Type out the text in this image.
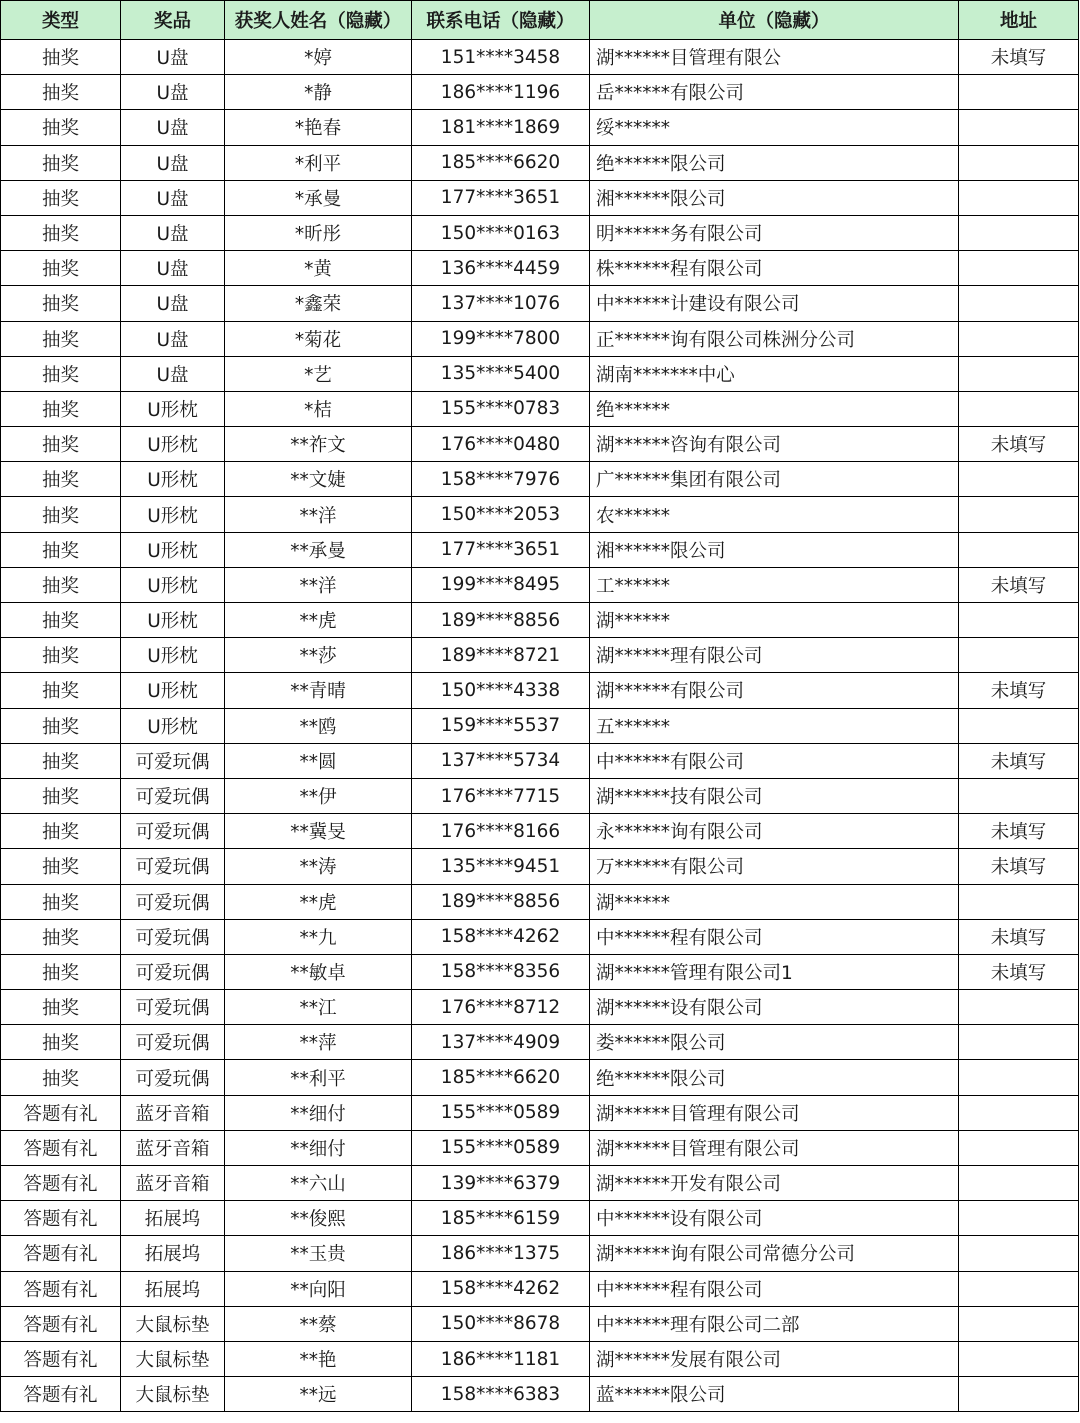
类型	奖品	获奖人姓名（隐藏）	联系电话（隐藏）	单位（隐藏）	地址
抽奖	U盘	*婷	151****3458	湖******目管理有限公	未填写
抽奖	U盘	*静	186****1196	岳******有限公司	
抽奖	U盘	*艳春	181****1869	绥******	
抽奖	U盘	*利平	185****6620	绝******限公司	
抽奖	U盘	*承曼	177****3651	湘******限公司	
抽奖	U盘	*昕彤	150****0163	明******务有限公司	
抽奖	U盘	*黄	136****4459	株******程有限公司	
抽奖	U盘	*鑫荣	137****1076	中******计建设有限公司	
抽奖	U盘	*菊花	199****7800	正******询有限公司株洲分公司	
抽奖	U盘	*艺	135****5400	湖南*******中心	
抽奖	U形枕	*桔	155****0783	绝******	
抽奖	U形枕	**祚文	176****0480	湖******咨询有限公司	未填写
抽奖	U形枕	**文婕	158****7976	广******集团有限公司	
抽奖	U形枕	**洋	150****2053	农******	
抽奖	U形枕	**承曼	177****3651	湘******限公司	
抽奖	U形枕	**洋	199****8495	工******	未填写
抽奖	U形枕	**虎	189****8856	湖******	
抽奖	U形枕	**莎	189****8721	湖******理有限公司	
抽奖	U形枕	**青晴	150****4338	湖******有限公司	未填写
抽奖	U形枕	**鸥	159****5537	五******	
抽奖	可爱玩偶	**圆	137****5734	中******有限公司	未填写
抽奖	可爱玩偶	**伊	176****7715	湖******技有限公司	
抽奖	可爱玩偶	**冀旻	176****8166	永******询有限公司	未填写
抽奖	可爱玩偶	**涛	135****9451	万******有限公司	未填写
抽奖	可爱玩偶	**虎	189****8856	湖******	
抽奖	可爱玩偶	**九	158****4262	中******程有限公司	未填写
抽奖	可爱玩偶	**敏卓	158****8356	湖******管理有限公司1	未填写
抽奖	可爱玩偶	**江	176****8712	湖******设有限公司	
抽奖	可爱玩偶	**萍	137****4909	娄******限公司	
抽奖	可爱玩偶	**利平	185****6620	绝******限公司	
答题有礼	蓝牙音箱	**细付	155****0589	湖******目管理有限公司	
答题有礼	蓝牙音箱	**细付	155****0589	湖******目管理有限公司	
答题有礼	蓝牙音箱	**六山	139****6379	湖******开发有限公司	
答题有礼	拓展坞	**俊熙	185****6159	中******设有限公司	
答题有礼	拓展坞	**玉贵	186****1375	湖******询有限公司常德分公司	
答题有礼	拓展坞	**向阳	158****4262	中******程有限公司	
答题有礼	大鼠标垫	**蔡	150****8678	中******理有限公司二部	
答题有礼	大鼠标垫	**艳	186****1181	湖******发展有限公司	
答题有礼	大鼠标垫	**远	158****6383	蓝******限公司	
